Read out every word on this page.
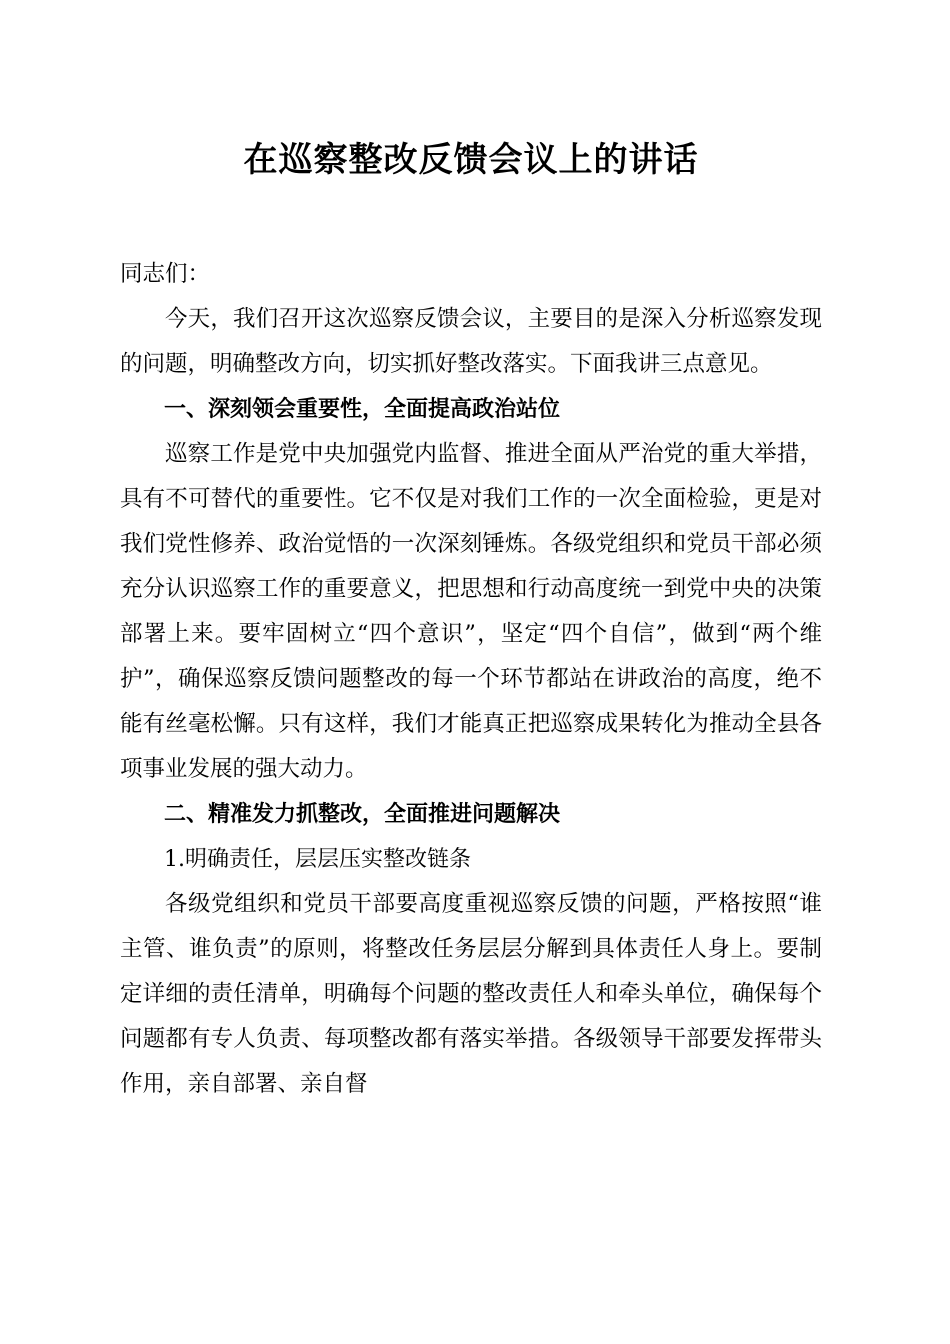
在巡察整改反馈会议上的讲话

同志们：

今天，我们召开这次巡察反馈会议，主要目的是深入分析巡察发现的问题，明确整改方向，切实抓好整改落实。下面我讲三点意见。

一、深刻领会重要性，全面提高政治站位

巡察工作是党中央加强党内监督、推进全面从严治党的重大举措，具有不可替代的重要性。它不仅是对我们工作的一次全面检验，更是对我们党性修养、政治觉悟的一次深刻锤炼。各级党组织和党员干部必须充分认识巡察工作的重要意义，把思想和行动高度统一到党中央的决策部署上来。要牢固树立“四个意识”，坚定“四个自信”，做到“两个维护”，确保巡察反馈问题整改的每一个环节都站在讲政治的高度，绝不能有丝毫松懈。只有这样，我们才能真正把巡察成果转化为推动全县各项事业发展的强大动力。

二、精准发力抓整改，全面推进问题解决

1.明确责任，层层压实整改链条

各级党组织和党员干部要高度重视巡察反馈的问题，严格按照“谁主管、谁负责”的原则，将整改任务层层分解到具体责任人身上。要制定详细的责任清单，明确每个问题的整改责任人和牵头单位，确保每个问题都有专人负责、每项整改都有落实举措。各级领导干部要发挥带头作用，亲自部署、亲自督
